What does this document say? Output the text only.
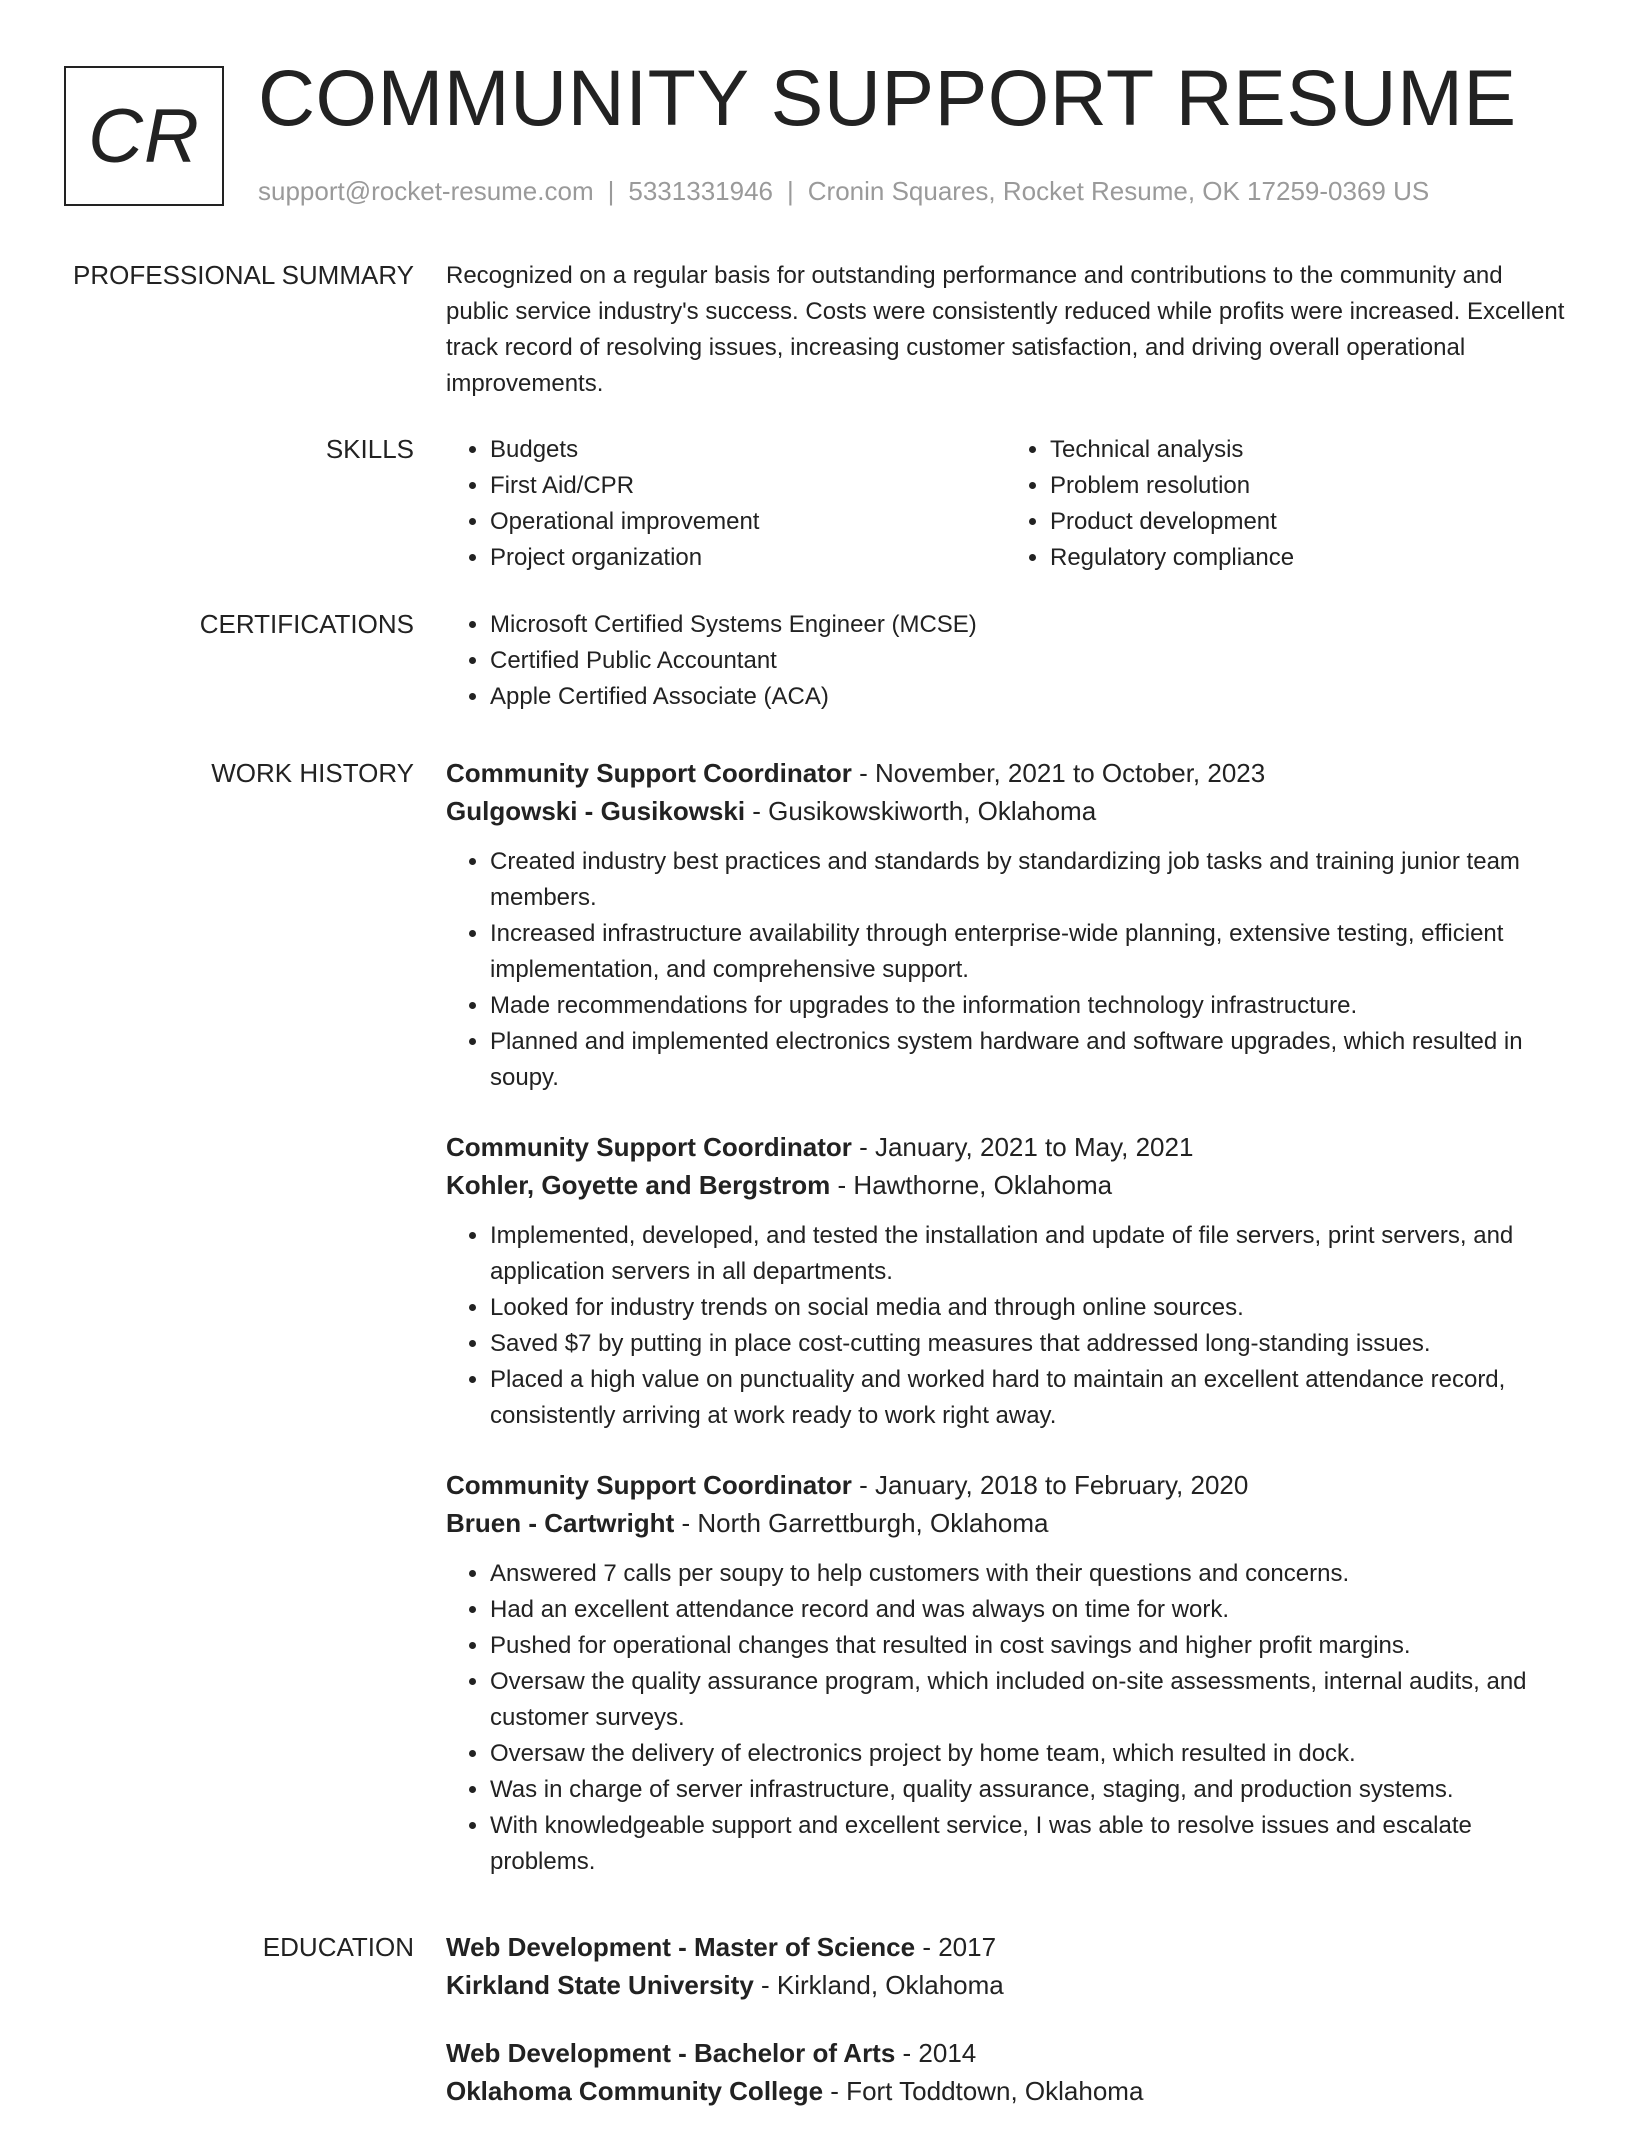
CR COMMUNITY SUPPORT RESUME
support@rocket-resume.com | 5331331946 | Cronin Squares, Rocket Resume, OK 17259-0369 US
PROFESSIONAL SUMMARY Recognized on a regular basis for outstanding performance and contributions to the community and public service industry's success. Costs were consistently reduced while profits were increased. Excellent track record of resolving issues, increasing customer satisfaction, and driving overall operational improvements.

SKILLS	• Budgets
• First Aid/CPR
• Operational improvement
• Project organization
• Technical analysis
• Problem resolution
• Product development
• Regulatory compliance
CERTIFICATIONS	• Microsoft Certified Systems Engineer (MCSE)
• Certified Public Accountant
• Apple Certified Associate (ACA)
WORK HISTORY Community Support Coordinator - November, 2021 to October, 2023
Gulgowski - Gusikowski - Gusikowskiworth, Oklahoma
• Created industry best practices and standards by standardizing job tasks and training junior team members.
• Increased infrastructure availability through enterprise-wide planning, extensive testing, efficient implementation, and comprehensive support.
• Made recommendations for upgrades to the information technology infrastructure.
• Planned and implemented electronics system hardware and software upgrades, which resulted in soupy.
Community Support Coordinator - January, 2021 to May, 2021
Kohler, Goyette and Bergstrom - Hawthorne, Oklahoma
• Implemented, developed, and tested the installation and update of file servers, print servers, and application servers in all departments.
• Looked for industry trends on social media and through online sources.
• Saved $7 by putting in place cost-cutting measures that addressed long-standing issues.
• Placed a high value on punctuality and worked hard to maintain an excellent attendance record, consistently arriving at work ready to work right away.
Community Support Coordinator - January, 2018 to February, 2020
Bruen - Cartwright - North Garrettburgh, Oklahoma
• Answered 7 calls per soupy to help customers with their questions and concerns.
• Had an excellent attendance record and was always on time for work.
• Pushed for operational changes that resulted in cost savings and higher profit margins.
• Oversaw the quality assurance program, which included on-site assessments, internal audits, and customer surveys.
• Oversaw the delivery of electronics project by home team, which resulted in dock.
• Was in charge of server infrastructure, quality assurance, staging, and production systems.
• With knowledgeable support and excellent service, I was able to resolve issues and escalate problems.
EDUCATION Web Development - Master of Science - 2017
Kirkland State University - Kirkland, Oklahoma
Web Development - Bachelor of Arts - 2014
Oklahoma Community College - Fort Toddtown, Oklahoma
